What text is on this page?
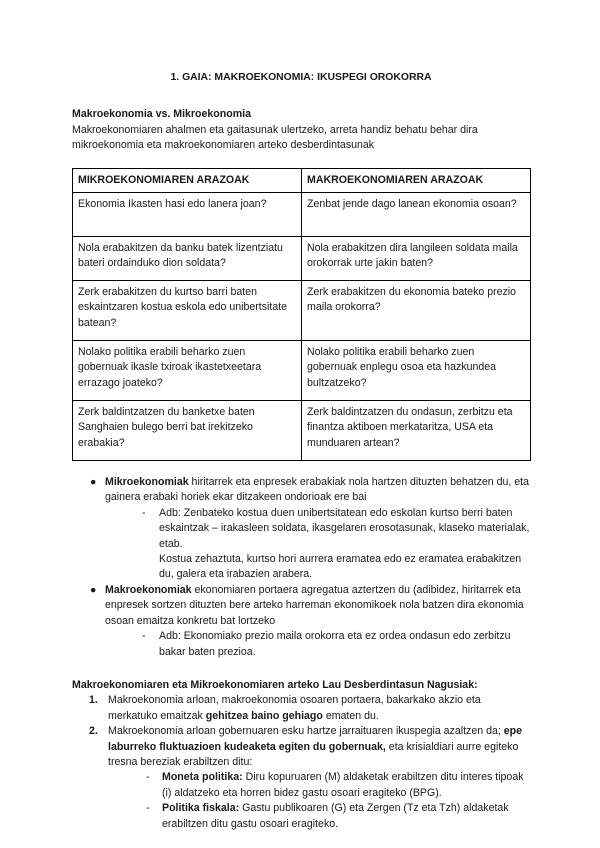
1. GAIA: MAKROEKONOMIA: IKUSPEGI OROKORRA
Makroekonomia vs. Mikroekonomia

Makroekonomiaren ahalmen eta gaitasunak ulertzeko, arreta handiz behatu behar dira mikroekonomia eta makroekonomiaren arteko desberdintasunak

MIKROEKONOMIAREN ARAZOAK	MAKROEKONOMIAREN ARAZOAK
Ekonomia Ikasten hasi edo lanera joan?	Zenbat jende dago lanean ekonomia osoan?
Nola erabakitzen da banku batek lizentziatu bateri ordainduko dion soldata?	Nola erabakitzen dira langileen soldata maila orokorrak urte jakin baten?
Zerk erabakitzen du kurtso barri baten eskaintzaren kostua eskola edo unibertsitate batean?	Zerk erabakitzen du ekonomia bateko prezio maila orokorra?
Nolako politika erabili beharko zuen gobernuak ikasle txiroak ikastetxeetara errazago joateko?	Nolako politika erabili beharko zuen gobernuak enplegu osoa eta hazkundea bultzatzeko?
Zerk baldintzatzen du banketxe baten Sanghaien bulego berri bat irekitzeko erabakia?	Zerk baldintzatzen du ondasun, zerbitzu eta finantza aktiboen merkataritza, USA eta munduaren artean?
● Mikroekonomiak hiritarrek eta enpresek erabakiak nola hartzen dituzten behatzen du, eta gainera erabaki horiek ekar ditzakeen ondorioak ere bai
- Adb: Zenbateko kostua duen unibertsitatean edo eskolan kurtso berri baten eskaintzak – irakasleen soldata, ikasgelaren erosotasunak, klaseko materialak, etab.
Kostua zehaztuta, kurtso hori aurrera eramatea edo ez eramatea erabakitzen du, galera eta irabazien arabera.
● Makroekonomiak ekonomiaren portaera agregatua aztertzen du (adibidez, hiritarrek eta enpresek sortzen dituzten bere arteko harreman ekonomikoek nola batzen dira ekonomia osoan emaitza konkretu bat lortzeko
- Adb: Ekonomiako prezio maila orokorra eta ez ordea ondasun edo zerbitzu bakar baten prezioa.
Makroekonomiaren eta Mikroekonomiaren arteko Lau Desberdintasun Nagusiak:
1. Makroekonomia arloan, makroekonomia osoaren portaera, bakarkako akzio eta merkatuko emaitzak gehitzea baino gehiago ematen du.
2. Makroekonomia arloan gobernuaren esku hartze jarraituaren ikuspegia azaltzen da; epe laburreko fluktuazioen kudeaketa egiten du gobernuak, eta krisialdiari aurre egiteko tresna bereziak erabiltzen ditu:
- Moneta politika: Diru kopuruaren (M) aldaketak erabiltzen ditu interes tipoak (i) aldatzeko eta horren bidez gastu osoari eragiteko (BPG).
- Politika fiskala: Gastu publikoaren (G) eta Zergen (Tz eta Tzh) aldaketak erabiltzen ditu gastu osoari eragiteko.
